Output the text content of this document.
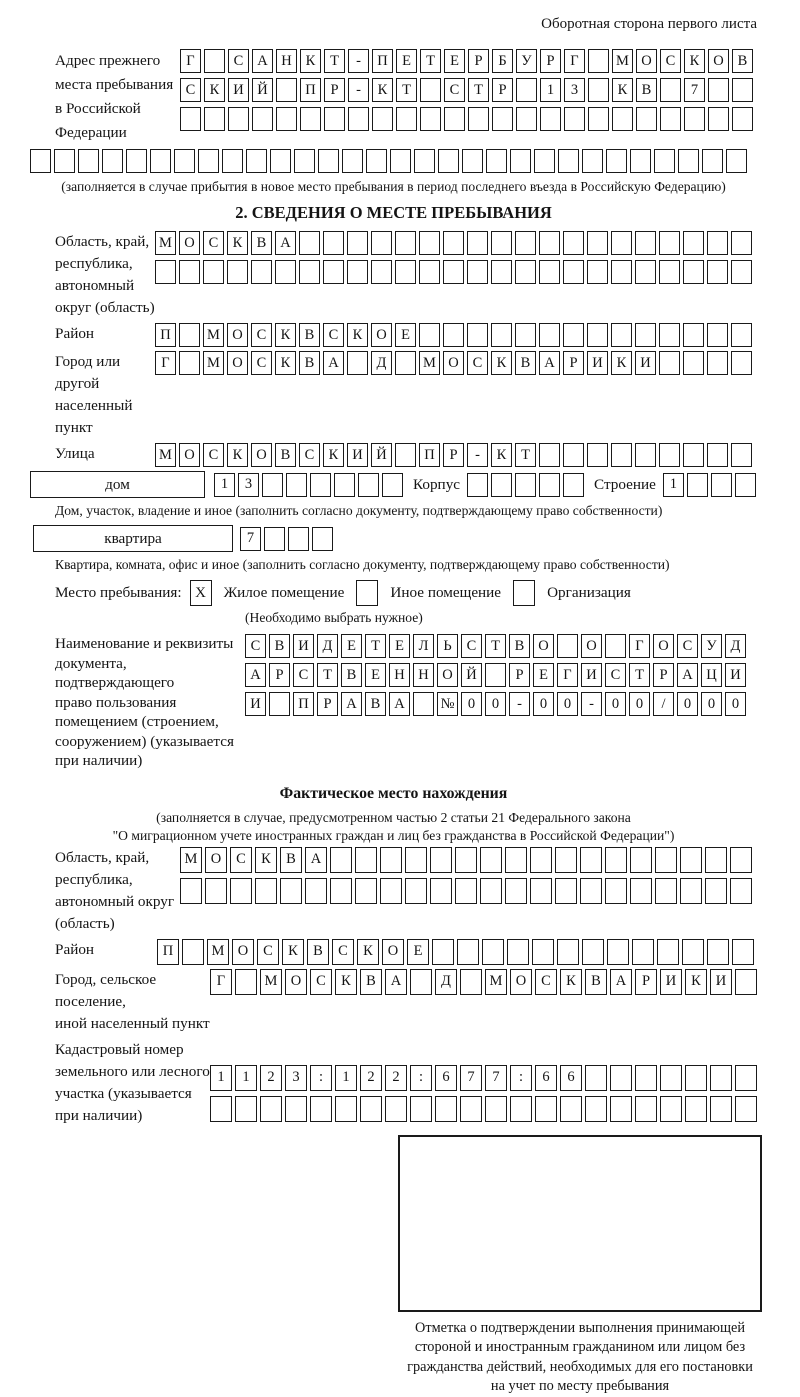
Оборотная сторона первого листа
Адрес прежнего
места пребывания
в Российской
Федерации
Г	С А Н К	Т	-	П Е	Т	Е	Р	Б	У	Р	Г	М О С К О В
С К И Й	П	Р	-	К	Т	С	Т	Р	1	3	К В	7
(заполняется в случае прибытия в новое место пребывания в период последнего въезда в Российскую Федерацию)
2. СВЕДЕНИЯ О МЕСТЕ ПРЕБЫВАНИЯ
Область, край,
республика,
автономный
округ (область)
М О С К В А
Район	П	М О С К В С К О Е
Город или другой
населенный пункт
Г	М О С К В А	Д	М О С К В А	Р	И К И
Улица	М О С К О В С К И Й	П	Р	-	К	Т
дом	1	3	Корпус	Строение 1
Дом, участок, владение и иное (заполнить согласно документу, подтверждающему право собственности)
квартира	7
Квартира, комната, офис и иное (заполнить согласно документу, подтверждающему право собственности)
Место пребывания: X	Жилое помещение	Иное помещение	Организация
(Необходимо выбрать нужное)
Наименование и реквизиты
документа, подтверждающего
право пользования
помещением (строением,
сооружением) (указывается
при наличии)
С В И Д	Е	Т	Е	Л	Ь	С	Т	В О	О	Г	О С У Д
А	Р	С	Т	В	Е Н Н О Й	Р	Е	Г	И С	Т	Р	А Ц И
И	П	Р	А В А	№ 0	0	-	0	0	-	0	0	/	0	0	0
Фактическое место нахождения
(заполняется в случае, предусмотренном частью 2 статьи 21 Федерального закона
"О миграционном учете иностранных граждан и лиц без гражданства в Российской Федерации")
Область, край,
республика,
автономный округ
(область)
М О	С	К	В	А
Район	П	М О	С	К	В	С	К	О	Е
Город, сельское поселение,
иной населенный пункт
Г	М О	С	К	В	А	Д	М О	С	К	В	А	Р	И	К	И
Кадастровый номер
земельного или лесного
участка (указывается
при наличии)
1	1	2	3	:	1	2	2	:	6	7	7	:	6	6
Отметка о подтверждении выполнения принимающей
стороной и иностранным гражданином или лицом без
гражданства действий, необходимых для его постановки
на учет по месту пребывания
